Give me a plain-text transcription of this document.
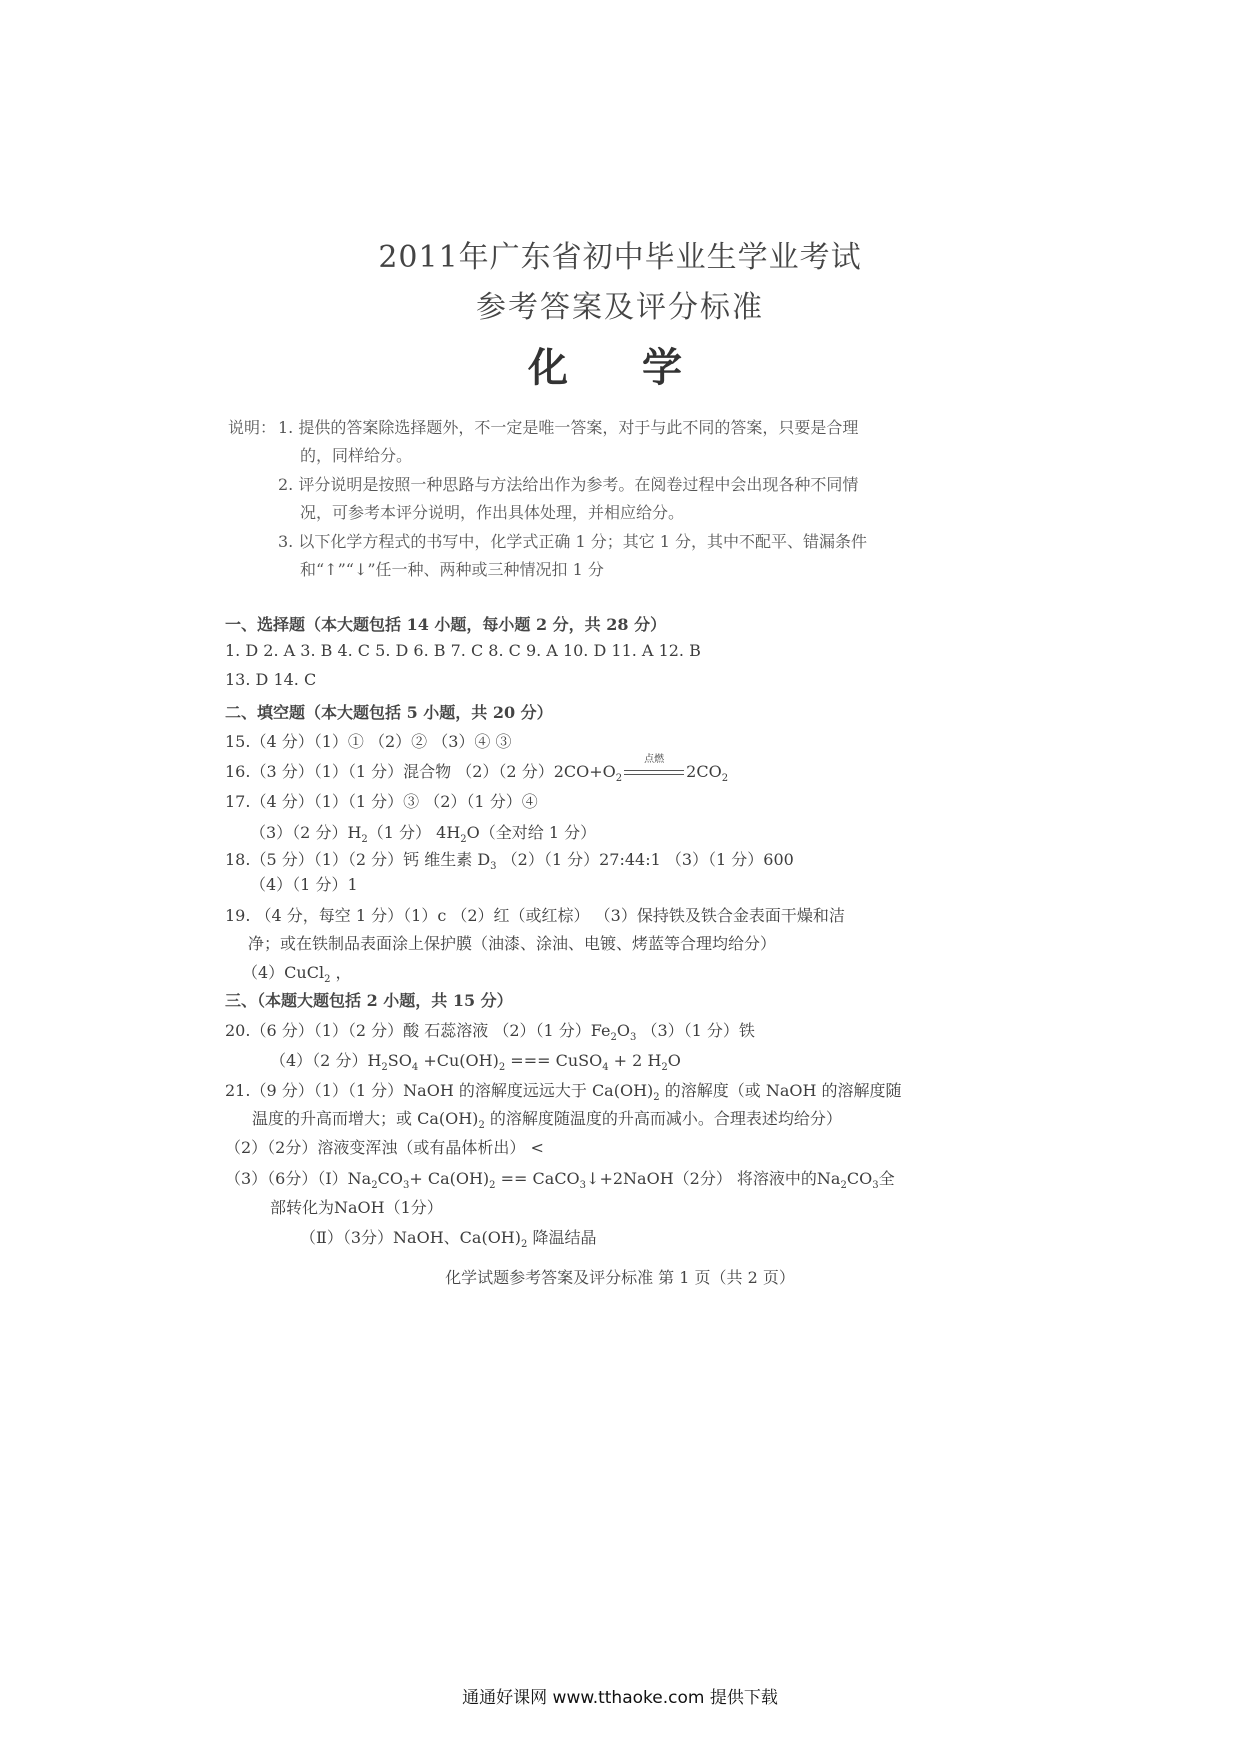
2011年广东省初中毕业生学业考试
参考答案及评分标准
化 学
说明： 1. 提供的答案除选择题外，不一定是唯一答案，对于与此不同的答案，只要是合理
的，同样给分。
2. 评分说明是按照一种思路与方法给出作为参考。在阅卷过程中会出现各种不同情
况，可参考本评分说明，作出具体处理，并相应给分。
3. 以下化学方程式的书写中，化学式正确 1 分；其它 1 分，其中不配平、错漏条件
和“↑”“↓”任一种、两种或三种情况扣 1 分
一、选择题（本大题包括 14 小题，每小题 2 分，共 28 分）
1. D 2. A 3. B 4. C 5. D 6. B 7. C 8. C 9. A 10. D 11. A 12. B
13. D 14. C
二、填空题（本大题包括 5 小题，共 20 分）
15.（4 分）（1）① （2）② （3）④ ③
16.（3 分）（1）（1 分）混合物 （2）（2 分）$2CO+O_2$
点燃
$2CO_2$
17.（4 分）（1）（1 分）③ （2）（1 分）④
（3）（2 分）$H_2(1$ 分） $4H_2O$（全对给 1 分）
18.（5 分）（1）（2 分）钙 维生素 $D_3$ （2）（1 分）27:44:1 （3）（1 分）600
（4）（1 分）1
19. （4 分，每空 1 分）（1）c （2）红（或红棕） （3）保持铁及铁合金表面干燥和洁
净；或在铁制品表面涂上保护膜（油漆、涂油、电镀、烤蓝等合理均给分）
（4）CuCl$_2$ ，
三、（本题大题包括 2 小题，共 15 分）
20.（6 分）（1）（2 分）酸 石蕊溶液 （2）（1 分）$Fe_2O_3$ （3）（1 分）铁
（4）（2 分）$H_2SO_4 +Cu(OH)_2$ === CuSO$_4$ + 2 $H_2O$
21.（9 分）（1）（1 分）NaOH 的溶解度远远大于 $Ca(OH)_2$ 的溶解度（或 NaOH 的溶解度随
温度的升高而增大；或 $Ca(OH)_2$ 的溶解度随温度的升高而减小。合理表述均给分）
（2）（2分）溶液变浑浊（或有晶体析出） <
（3）（6分）$(Ⅰ)Na_2CO_3+ Ca(OH)_2$ == CaCO$_3$↓+2NaOH（2分） 将溶液中的$Na_2CO_3$全
部转化为NaOH（1分）
（Ⅱ）（3分）NaOH、$Ca(OH)_2$ 降温结晶
化学试题参考答案及评分标准 第 1 页（共 2 页）
通通好课网 www.tthaoke.com 提供下载
